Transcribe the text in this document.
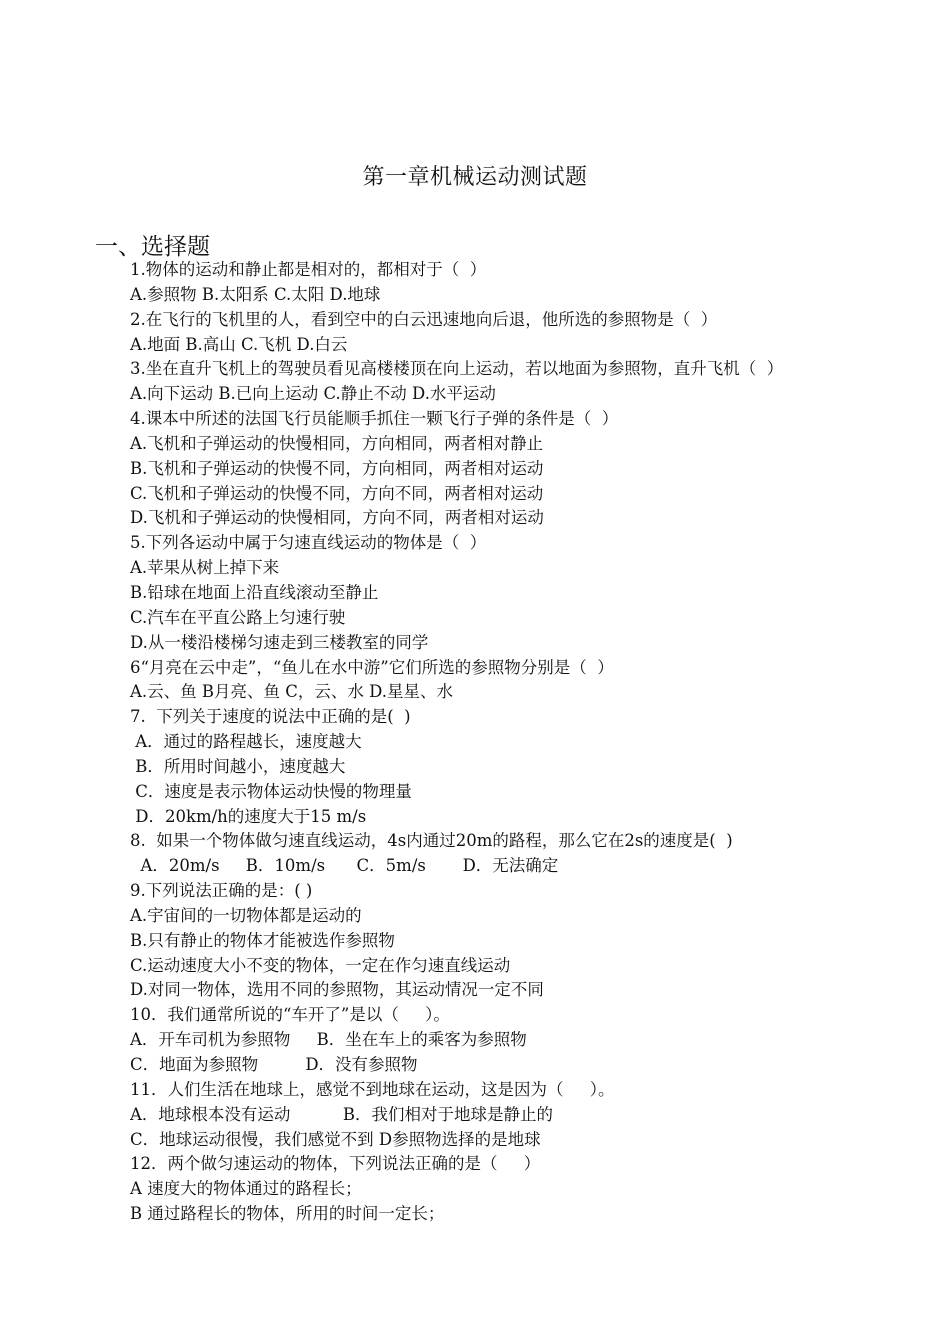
第一章机械运动测试题
一、选择题
1.物体的运动和静止都是相对的，都相对于（  ）
A.参照物 B.太阳系 C.太阳 D.地球
2.在飞行的飞机里的人，看到空中的白云迅速地向后退，他所选的参照物是（  ）
A.地面 B.高山 C.飞机 D.白云
3.坐在直升飞机上的驾驶员看见高楼楼顶在向上运动，若以地面为参照物，直升飞机（  ）
A.向下运动 B.已向上运动 C.静止不动 D.水平运动
4.课本中所述的法国飞行员能顺手抓住一颗飞行子弹的条件是（  ）
A.飞机和子弹运动的快慢相同，方向相同，两者相对静止
B.飞机和子弹运动的快慢不同，方向相同，两者相对运动
C.飞机和子弹运动的快慢不同，方向不同，两者相对运动
D.飞机和子弹运动的快慢相同，方向不同，两者相对运动
5.下列各运动中属于匀速直线运动的物体是（  ）
A.苹果从树上掉下来
B.铅球在地面上沿直线滚动至静止
C.汽车在平直公路上匀速行驶
D.从一楼沿楼梯匀速走到三楼教室的同学
6“月亮在云中走”，“鱼儿在水中游”它们所选的参照物分别是（  ）
A.云、鱼 B月亮、鱼 C，云、水 D.星星、水
7.  下列关于速度的说法中正确的是(  )
A．通过的路程越长，速度越大
B．所用时间越小，速度越大
C．速度是表示物体运动快慢的物理量
D．20km/h的速度大于15 m/s
8.  如果一个物体做匀速直线运动，4s内通过20m的路程，那么它在2s的速度是(  )
A．20m/s     B．10m/s      C．5m/s       D．无法确定
9.下列说法正确的是：( )
A.宇宙间的一切物体都是运动的
B.只有静止的物体才能被选作参照物
C.运动速度大小不变的物体，一定在作匀速直线运动
D.对同一物体，选用不同的参照物，其运动情况一定不同
10．我们通常所说的“车开了”是以（     ）。
A．开车司机为参照物     B．坐在车上的乘客为参照物
C．地面为参照物         D．没有参照物
11．人们生活在地球上，感觉不到地球在运动，这是因为（     ）。
A．地球根本没有运动          B．我们相对于地球是静止的
C．地球运动很慢，我们感觉不到 D参照物选择的是地球
12．两个做匀速运动的物体，下列说法正确的是（     ）
A 速度大的物体通过的路程长；
B 通过路程长的物体，所用的时间一定长；
